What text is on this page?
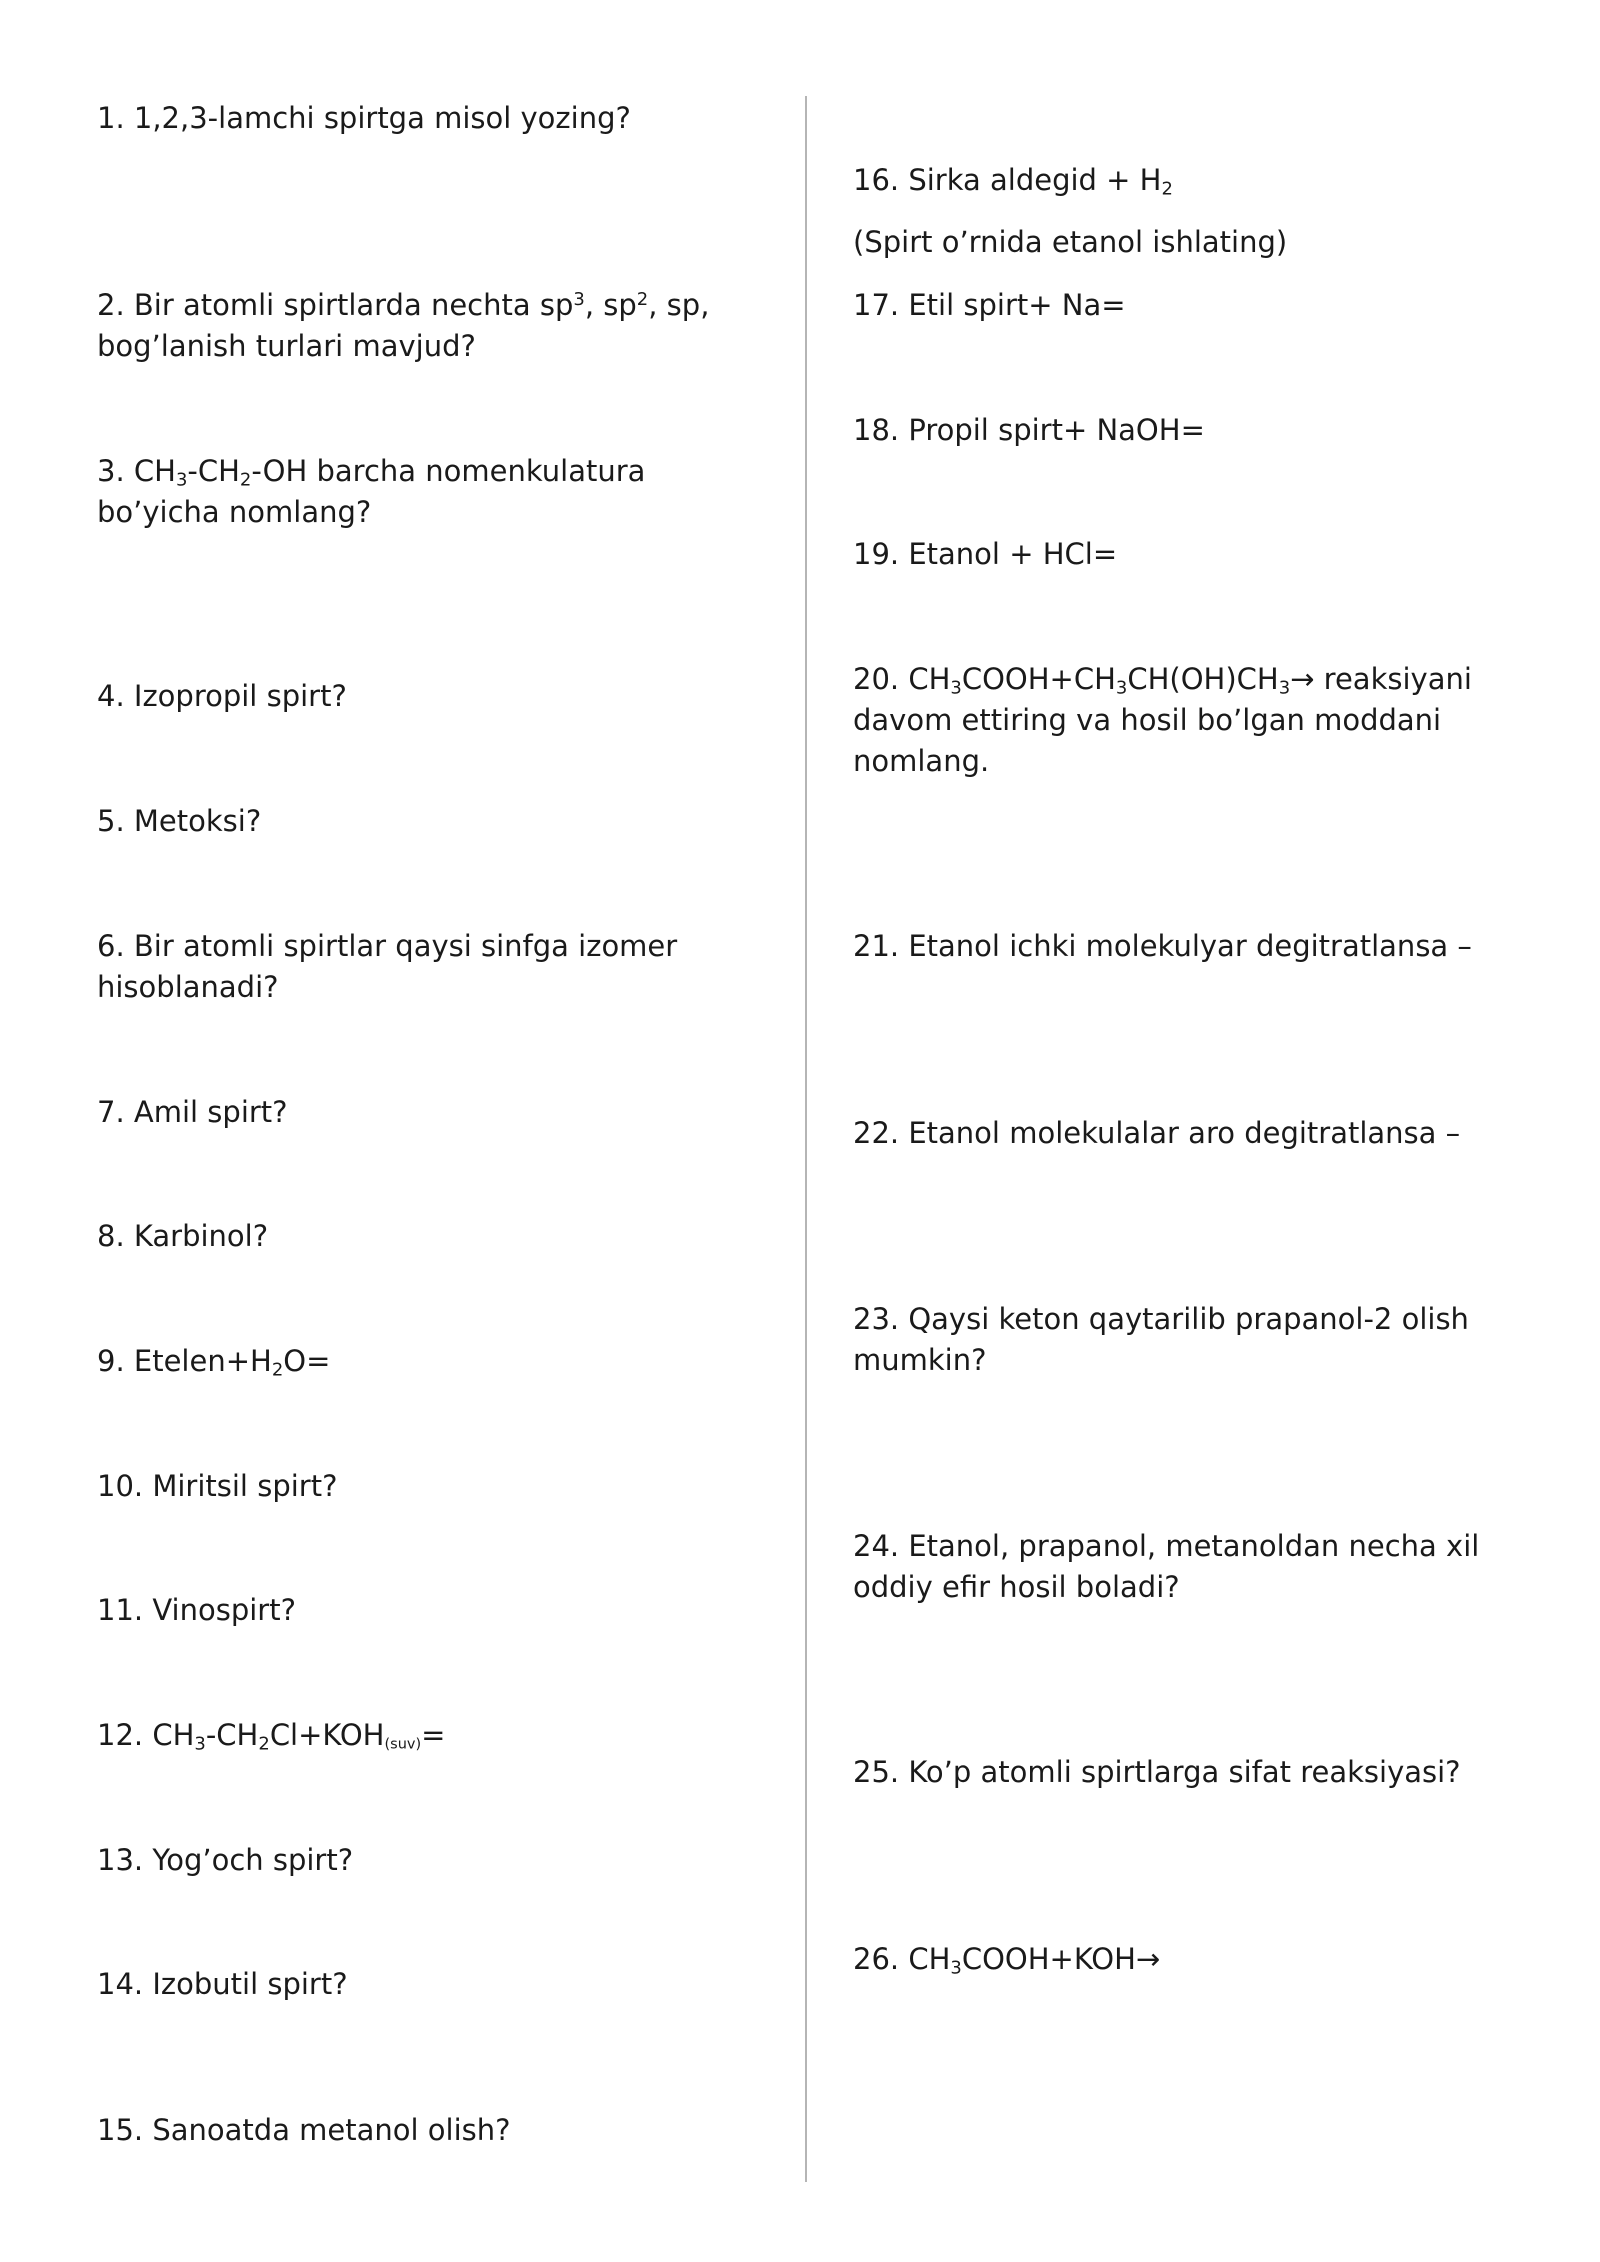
1. 1,2,3-lamchi spirtga misol yozing?

2. Bir atomli spirtlarda nechta $sp^3$, $sp^2$, sp, bog’lanish turlari mavjud?

3. $CH_3-CH_2-OH$ barcha nomenkulatura bo’yicha nomlang?

4. Izopropil spirt?

5. Metoksi?

6. Bir atomli spirtlar qaysi sinfga izomer hisoblanadi?

7. Amil spirt?

8. Karbinol?

9. $Etelen+H_2O=$

10. Miritsil spirt?

11. Vinospirt?

12. $CH_3-CH_2Cl+KOH_{(suv)}=$

13. Yog’och spirt?

14. Izobutil spirt?

15. Sanoatda metanol olish?

16. Sirka aldegid + $H_2$

(Spirt o’rnida etanol ishlating)

17. Etil spirt+ Na=

18. Propil spirt+ NaOH=

19. Etanol + HCl=

20. $CH_3COOH+CH_3CH(OH)CH_3\to$ reaksiyani davom ettiring va hosil bo’lgan moddani nomlang.

21. Etanol ichki molekulyar degitratlansa –

22. Etanol molekulalar aro degitratlansa –

23. Qaysi keton qaytarilib prapanol-2 olish mumkin?

24. Etanol, prapanol, metanoldan necha xil oddiy efir hosil boladi?

25. Ko’p atomli spirtlarga sifat reaksiyasi?

26. $CH_3COOH+KOH\to$
